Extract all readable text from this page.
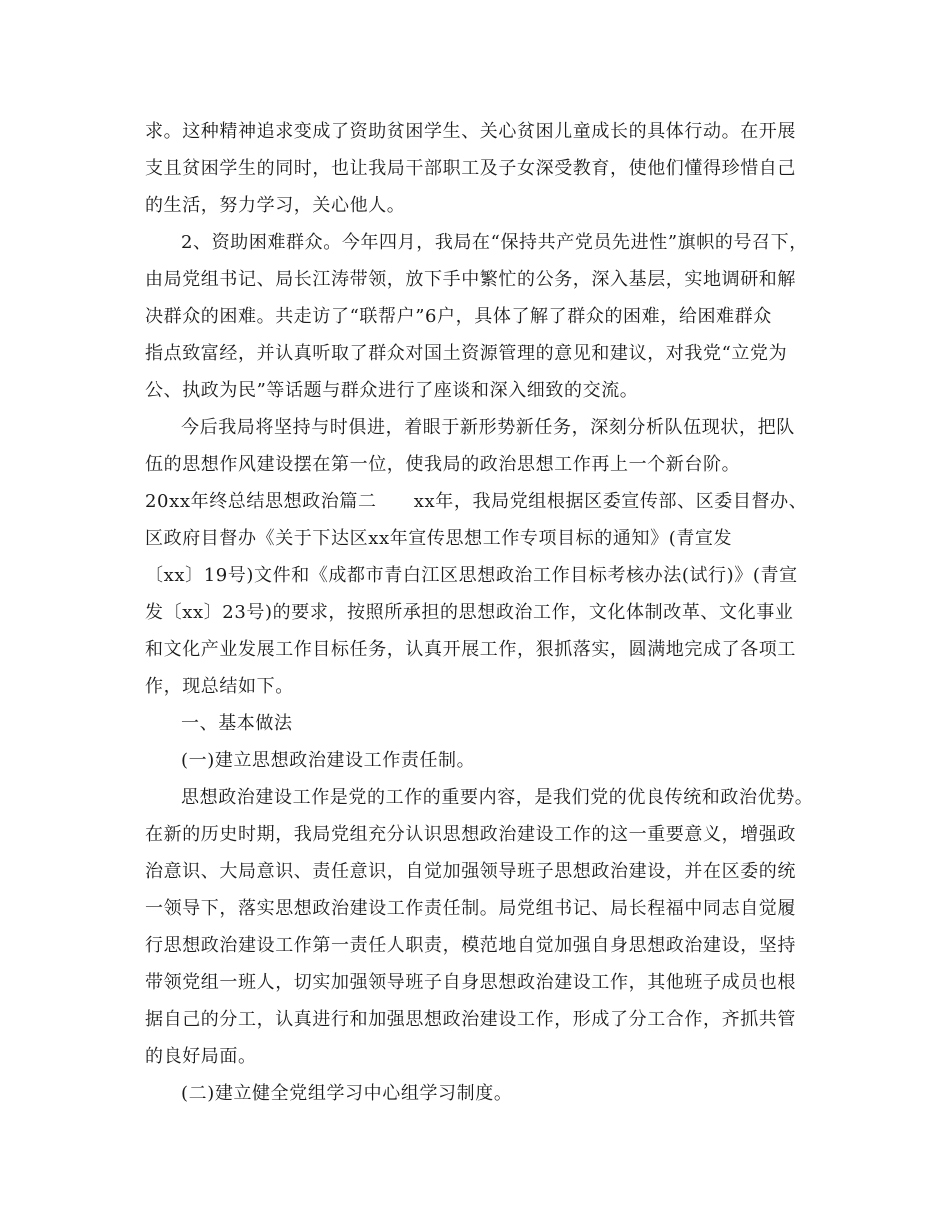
求。这种精神追求变成了资助贫困学生、关心贫困儿童成长的具体行动。在开展
支且贫困学生的同时，也让我局干部职工及子女深受教育，使他们懂得珍惜自己
的生活，努力学习，关心他人。
2、资助困难群众。今年四月，我局在“保持共产党员先进性”旗帜的号召下，
由局党组书记、局长江涛带领，放下手中繁忙的公务，深入基层，实地调研和解
决群众的困难。共走访了“联帮户”6户，具体了解了群众的困难，给困难群众
指点致富经，并认真听取了群众对国土资源管理的意见和建议，对我党“立党为
公、执政为民”等话题与群众进行了座谈和深入细致的交流。
今后我局将坚持与时俱进，着眼于新形势新任务，深刻分析队伍现状，把队
伍的思想作风建设摆在第一位，使我局的政治思想工作再上一个新台阶。
20xx年终总结思想政治篇二　　xx年，我局党组根据区委宣传部、区委目督办、
区政府目督办《关于下达区xx年宣传思想工作专项目标的通知》(青宣发
〔xx〕19号)文件和《成都市青白江区思想政治工作目标考核办法(试行)》(青宣
发〔xx〕23号)的要求，按照所承担的思想政治工作，文化体制改革、文化事业
和文化产业发展工作目标任务，认真开展工作，狠抓落实，圆满地完成了各项工
作，现总结如下。
一、基本做法
(一)建立思想政治建设工作责任制。
思想政治建设工作是党的工作的重要内容，是我们党的优良传统和政治优势。
在新的历史时期，我局党组充分认识思想政治建设工作的这一重要意义，增强政
治意识、大局意识、责任意识，自觉加强领导班子思想政治建设，并在区委的统
一领导下，落实思想政治建设工作责任制。局党组书记、局长程福中同志自觉履
行思想政治建设工作第一责任人职责，模范地自觉加强自身思想政治建设，坚持
带领党组一班人，切实加强领导班子自身思想政治建设工作，其他班子成员也根
据自己的分工，认真进行和加强思想政治建设工作，形成了分工合作，齐抓共管
的良好局面。
(二)建立健全党组学习中心组学习制度。
